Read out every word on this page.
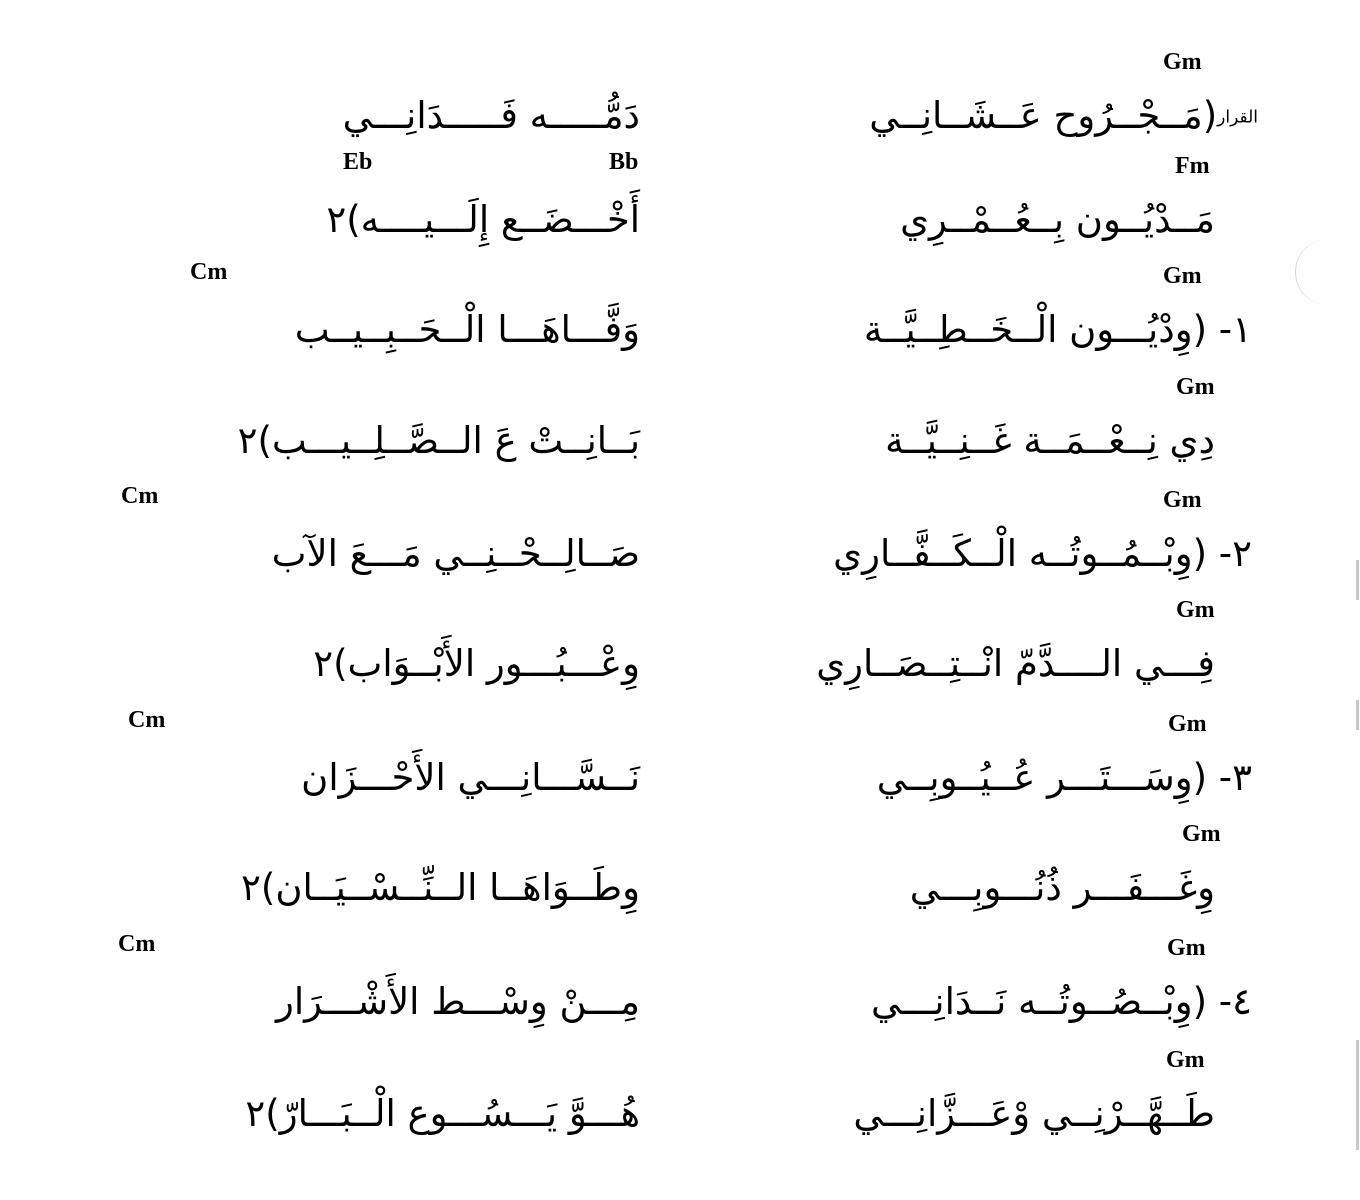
Gm
القرار(مَــجْــرُوح عَــشَــانِــي
دَمُّـــــه فَـــــدَانِـــي
Eb	Bb	Fm
مَــدْيُــون بِــعُــمْــرِي
أَخْـــضَــع إِلَـــيــــه)٢
Cm	Gm
١- (وِدْيُـــون الْــخَــطِــيَّــة
وَفَّـــاهَـــا الْــحَــبِــيــب
Gm
دِي نِــعْــمَــة غَــنِــيَّــة
بَــانِــتْ عَ الــصَّــلِــيـــب)٢
Cm	Gm
٢- (وِبْــمُــوتُــه الْــكَــفَّــارِي
صَــالِــحْــنِــي مَـــعَ الآب
Gm
فِـــي الــــدَّمّ انْــتِــصَــارِي
وِعْـــبُـــور الأَبْــوَاب)٢
Cm	Gm
٣- (وِسَـــتَـــر عُــيُــوبِــي
نَــسَّـــانِـــي الأَحْـــزَان
Gm
وِغَـــفَـــر ذُنُـــوبِـــي
وِطَــوَاهَــا الــنِّــسْــيَــان)٢
Cm	Gm
٤- (وِبْــصُــوتُــه نَــدَانِـــي
مِـــنْ وِسْـــط الأَشْـــرَار
Gm
طَــهَّــرْنِــي وْعَـــزَّانِـــي
هُـــوَّ يَـــسُـــوع الْــبَـــارّ)٢
